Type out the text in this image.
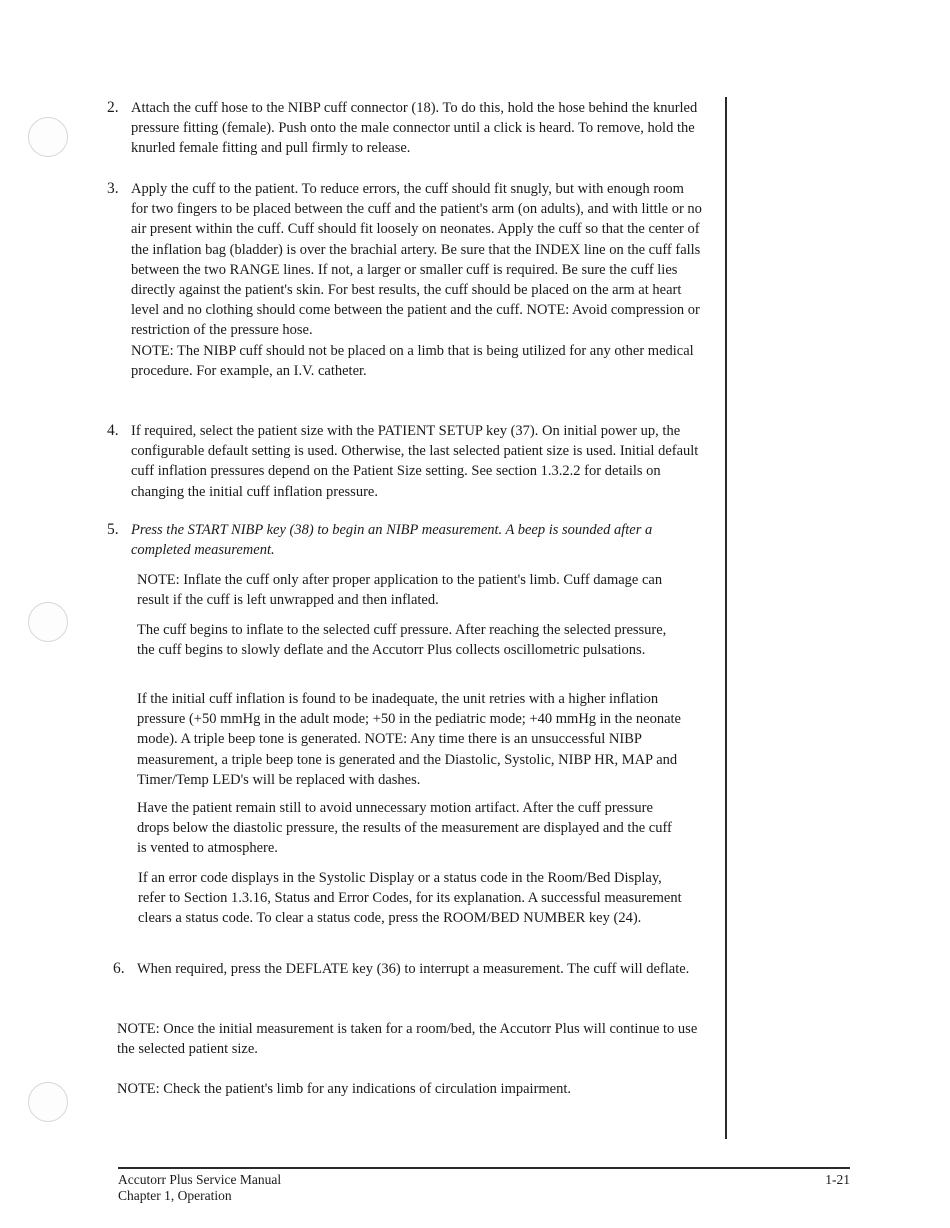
2. Attach the cuff hose to the NIBP cuff connector (18). To do this, hold the hose behind the knurled pressure fitting (female). Push onto the male connector until a click is heard. To remove, hold the knurled female fitting and pull firmly to release.

3. Apply the cuff to the patient. To reduce errors, the cuff should fit snugly, but with enough room for two fingers to be placed between the cuff and the patient's arm (on adults), and with little or no air present within the cuff. Cuff should fit loosely on neonates. Apply the cuff so that the center of the inflation bag (bladder) is over the brachial artery. Be sure that the INDEX line on the cuff falls between the two RANGE lines. If not, a larger or smaller cuff is required. Be sure the cuff lies directly against the patient's skin. For best results, the cuff should be placed on the arm at heart level and no clothing should come between the patient and the cuff. NOTE: Avoid compression or restriction of the pressure hose.

NOTE: The NIBP cuff should not be placed on a limb that is being utilized for any other medical procedure. For example, an I.V. catheter.

4. If required, select the patient size with the PATIENT SETUP key (37). On initial power up, the configurable default setting is used. Otherwise, the last selected patient size is used. Initial default cuff inflation pressures depend on the Patient Size setting. See section 1.3.2.2 for details on changing the initial cuff inflation pressure.

5. Press the START NIBP key (38) to begin an NIBP measurement. A beep is sounded after a completed measurement.

NOTE: Inflate the cuff only after proper application to the patient's limb. Cuff damage can result if the cuff is left unwrapped and then inflated.

The cuff begins to inflate to the selected cuff pressure. After reaching the selected pressure, the cuff begins to slowly deflate and the Accutorr Plus collects oscillometric pulsations.

If the initial cuff inflation is found to be inadequate, the unit retries with a higher inflation pressure (+50 mmHg in the adult mode; +50 in the pediatric mode; +40 mmHg in the neonate mode). A triple beep tone is generated. NOTE: Any time there is an unsuccessful NIBP measurement, a triple beep tone is generated and the Diastolic, Systolic, NIBP HR, MAP and Timer/Temp LED's will be replaced with dashes.

Have the patient remain still to avoid unnecessary motion artifact. After the cuff pressure drops below the diastolic pressure, the results of the measurement are displayed and the cuff is vented to atmosphere.

If an error code displays in the Systolic Display or a status code in the Room/Bed Display, refer to Section 1.3.16, Status and Error Codes, for its explanation. A successful measurement clears a status code. To clear a status code, press the ROOM/BED NUMBER key (24).

6. When required, press the DEFLATE key (36) to interrupt a measurement. The cuff will deflate.

NOTE: Once the initial measurement is taken for a room/bed, the Accutorr Plus will continue to use the selected patient size.

NOTE: Check the patient's limb for any indications of circulation impairment.

Accutorr Plus Service Manual
Chapter 1, Operation
1-21
